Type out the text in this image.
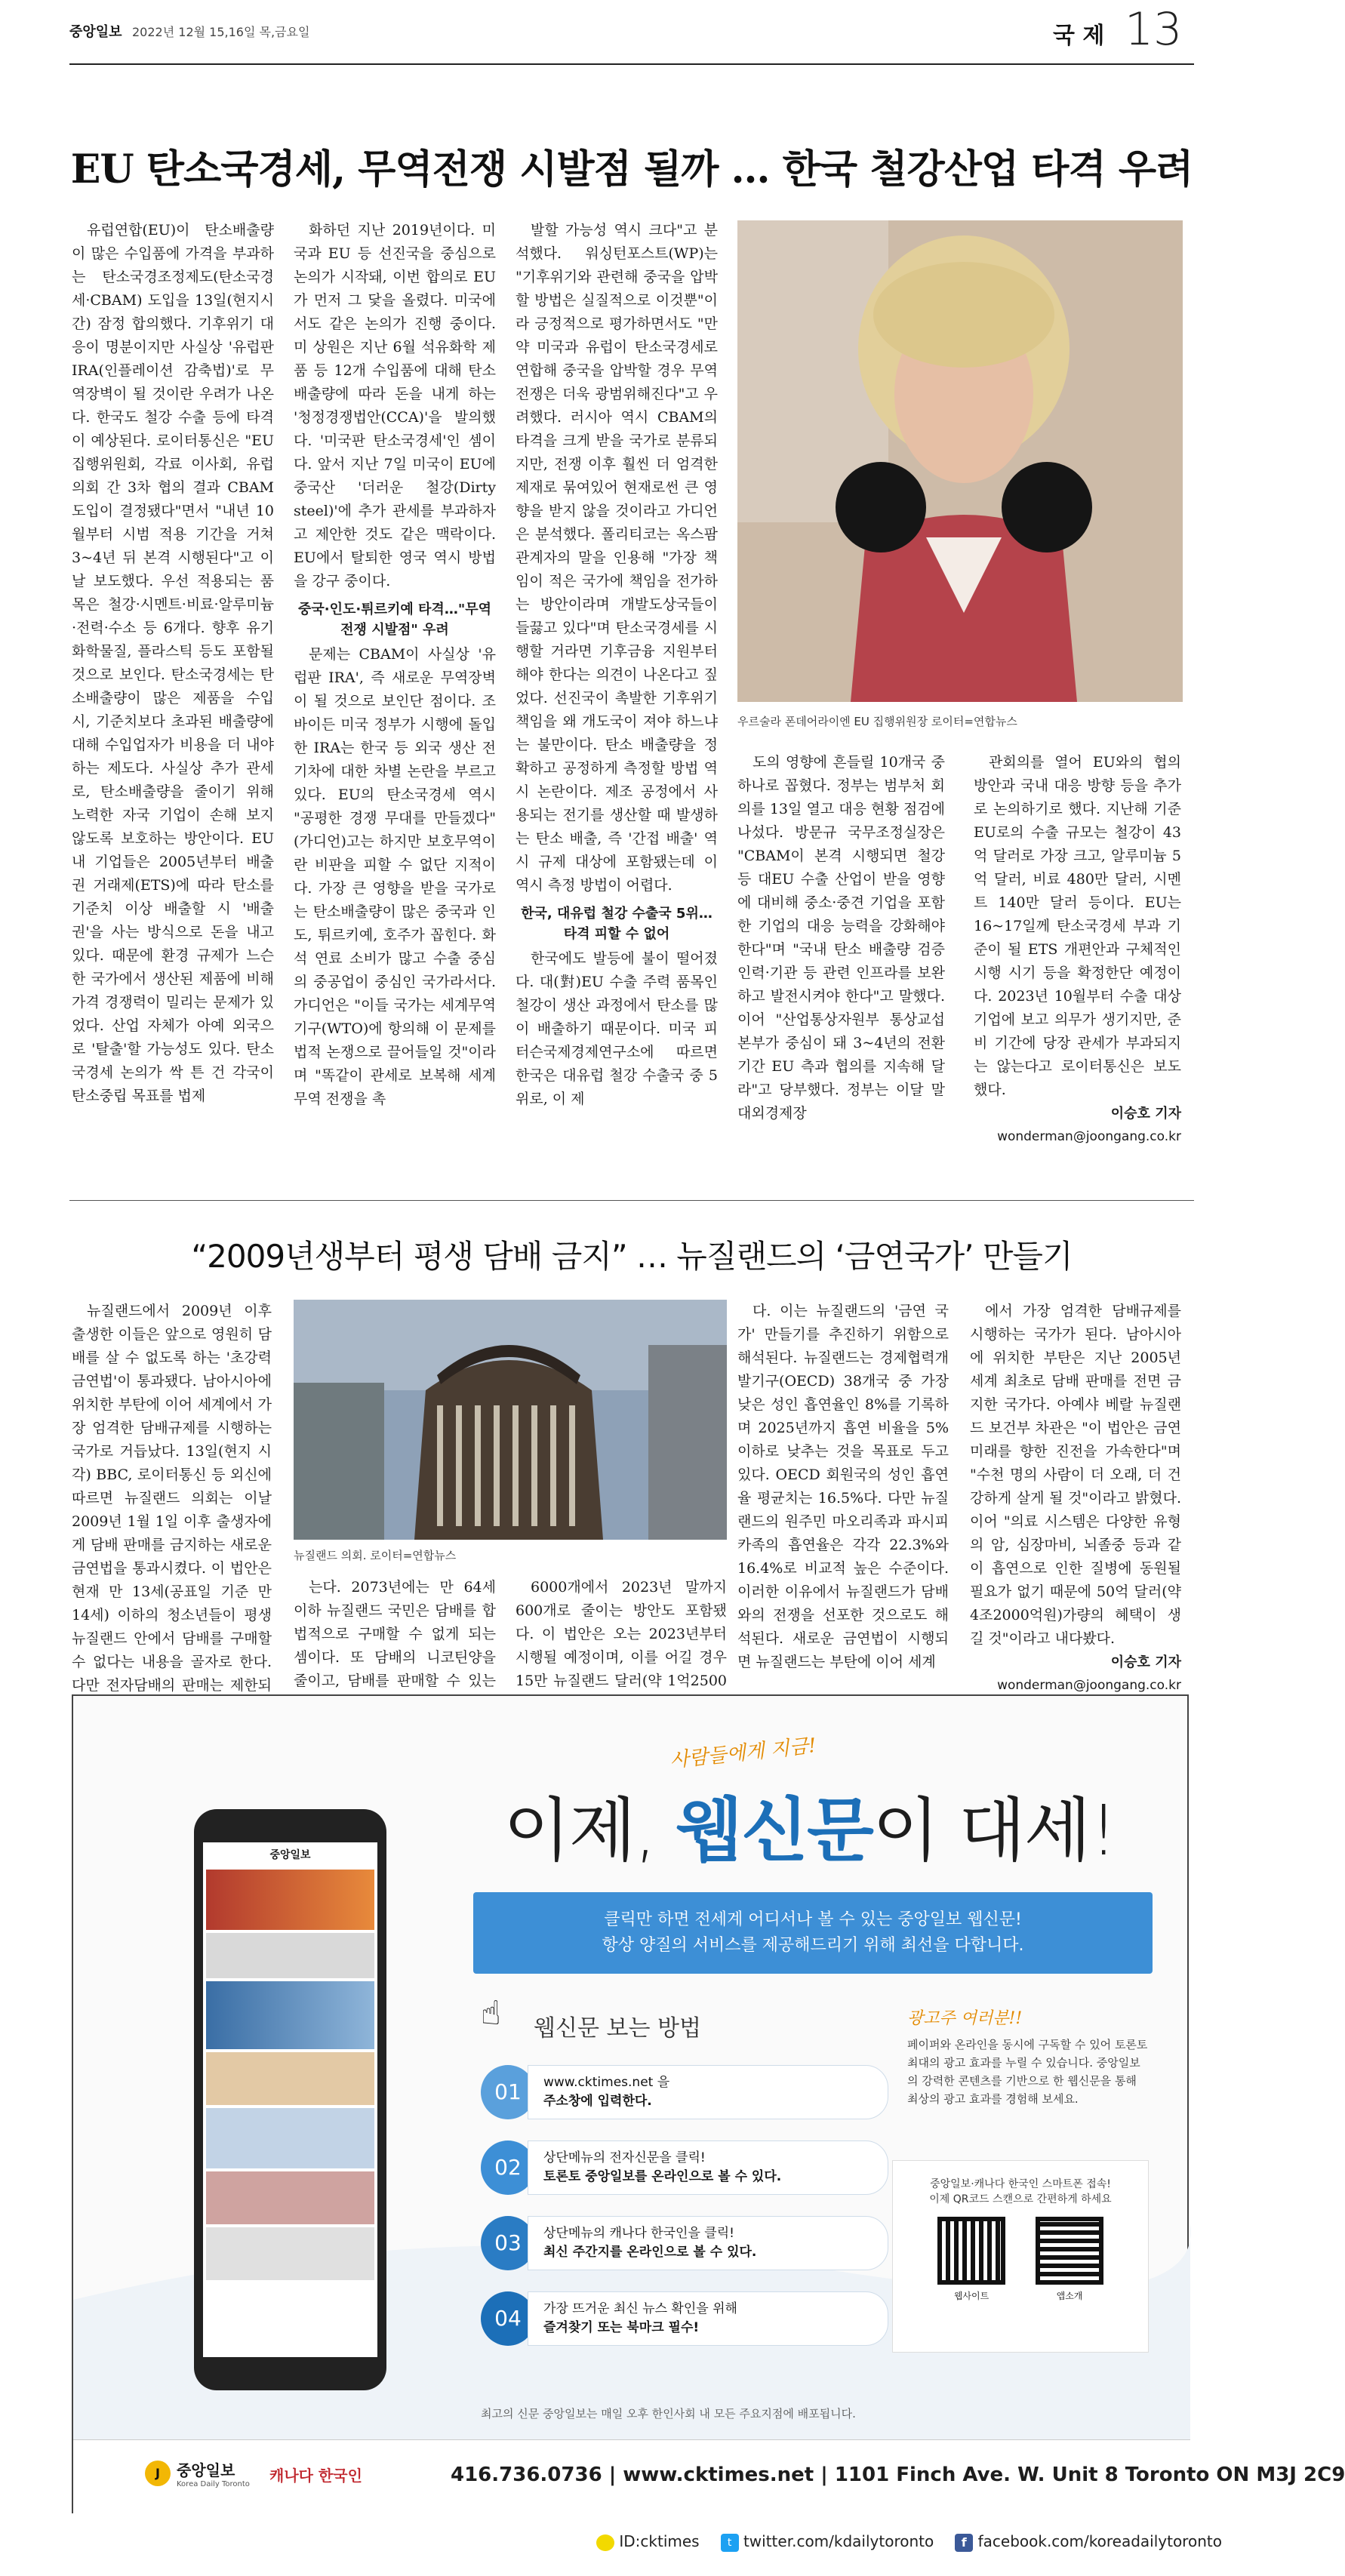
중앙일보 2022년 12월 15,16일 목,금요일	국 제 13
EU 탄소국경세, 무역전쟁 시발점 될까 … 한국 철강산업 타격 우려

유럽연합(EU)이 탄소배출량이 많은 수입품에 가격을 부과하는 탄소국경조정제도(탄소국경세·CBAM) 도입을 13일(현지시간) 잠정 합의했다. 기후위기 대응이 명분이지만 사실상 '유럽판 IRA(인플레이션 감축법)'로 무역장벽이 될 것이란 우려가 나온다. 한국도 철강 수출 등에 타격이 예상된다. 로이터통신은 "EU 집행위원회, 각료 이사회, 유럽의회 간 3차 협의 결과 CBAM 도입이 결정됐다"면서 "내년 10월부터 시범 적용 기간을 거쳐 3~4년 뒤 본격 시행된다"고 이날 보도했다. 우선 적용되는 품목은 철강·시멘트·비료·알루미늄·전력·수소 등 6개다. 향후 유기화학물질, 플라스틱 등도 포함될 것으로 보인다. 탄소국경세는 탄소배출량이 많은 제품을 수입 시, 기준치보다 초과된 배출량에 대해 수입업자가 비용을 더 내야 하는 제도다. 사실상 추가 관세로, 탄소배출량을 줄이기 위해 노력한 자국 기업이 손해 보지 않도록 보호하는 방안이다. EU 내 기업들은 2005년부터 배출권 거래제(ETS)에 따라 탄소를 기준치 이상 배출할 시 '배출권'을 사는 방식으로 돈을 내고 있다. 때문에 환경 규제가 느슨한 국가에서 생산된 제품에 비해 가격 경쟁력이 밀리는 문제가 있었다. 산업 자체가 아예 외국으로 '탈출'할 가능성도 있다. 탄소국경세 논의가 싹 튼 건 각국이 탄소중립 목표를 법제

화하던 지난 2019년이다. 미국과 EU 등 선진국을 중심으로 논의가 시작돼, 이번 합의로 EU가 먼저 그 닻을 올렸다. 미국에서도 같은 논의가 진행 중이다. 미 상원은 지난 6월 석유화학 제품 등 12개 수입품에 대해 탄소배출량에 따라 돈을 내게 하는 '청정경쟁법안(CCA)'을 발의했다. '미국판 탄소국경세'인 셈이다. 앞서 지난 7일 미국이 EU에 중국산 '더러운 철강(Dirty steel)'에 추가 관세를 부과하자고 제안한 것도 같은 맥락이다. EU에서 탈퇴한 영국 역시 방법을 강구 중이다.

중국·인도·튀르키예 타격…"무역전쟁 시발점" 우려

문제는 CBAM이 사실상 '유럽판 IRA', 즉 새로운 무역장벽이 될 것으로 보인단 점이다. 조 바이든 미국 정부가 시행에 돌입한 IRA는 한국 등 외국 생산 전기차에 대한 차별 논란을 부르고 있다. EU의 탄소국경세 역시 "공평한 경쟁 무대를 만들겠다"(가디언)고는 하지만 보호무역이란 비판을 피할 수 없단 지적이다. 가장 큰 영향을 받을 국가로는 탄소배출량이 많은 중국과 인도, 튀르키예, 호주가 꼽힌다. 화석 연료 소비가 많고 수출 중심의 중공업이 중심인 국가라서다. 가디언은 "이들 국가는 세계무역기구(WTO)에 항의해 이 문제를 법적 논쟁으로 끌어들일 것"이라며 "똑같이 관세로 보복해 세계 무역 전쟁을 촉

발할 가능성 역시 크다"고 분석했다. 워싱턴포스트(WP)는 "기후위기와 관련해 중국을 압박할 방법은 실질적으로 이것뿐"이라 긍정적으로 평가하면서도 "만약 미국과 유럽이 탄소국경세로 연합해 중국을 압박할 경우 무역전쟁은 더욱 광범위해진다"고 우려했다. 러시아 역시 CBAM의 타격을 크게 받을 국가로 분류되지만, 전쟁 이후 훨씬 더 엄격한 제재로 묶여있어 현재로썬 큰 영향을 받지 않을 것이라고 가디언은 분석했다. 폴리티코는 옥스팜 관계자의 말을 인용해 "가장 책임이 적은 국가에 책임을 전가하는 방안이라며 개발도상국들이 들끓고 있다"며 탄소국경세를 시행할 거라면 기후금융 지원부터 해야 한다는 의견이 나온다고 짚었다. 선진국이 촉발한 기후위기 책임을 왜 개도국이 져야 하느냐는 불만이다. 탄소 배출량을 정확하고 공정하게 측정할 방법 역시 논란이다. 제조 공정에서 사용되는 전기를 생산할 때 발생하는 탄소 배출, 즉 '간접 배출' 역시 규제 대상에 포함됐는데 이 역시 측정 방법이 어렵다.

한국, 대유럽 철강 수출국 5위…타격 피할 수 없어

한국에도 발등에 불이 떨어졌다. 대(對)EU 수출 주력 품목인 철강이 생산 과정에서 탄소를 많이 배출하기 때문이다. 미국 피터슨국제경제연구소에 따르면 한국은 대유럽 철강 수출국 중 5위로, 이 제

우르술라 폰데어라이엔 EU 집행위원장 로이터=연합뉴스

도의 영향에 흔들릴 10개국 중 하나로 꼽혔다. 정부는 범부처 회의를 13일 열고 대응 현황 점검에 나섰다. 방문규 국무조정실장은 "CBAM이 본격 시행되면 철강 등 대EU 수출 산업이 받을 영향에 대비해 중소·중견 기업을 포함한 기업의 대응 능력을 강화해야 한다"며 "국내 탄소 배출량 검증인력·기관 등 관련 인프라를 보완하고 발전시켜야 한다"고 말했다. 이어 "산업통상자원부 통상교섭본부가 중심이 돼 3~4년의 전환 기간 EU 측과 협의를 지속해 달라"고 당부했다. 정부는 이달 말 대외경제장

관회의를 열어 EU와의 협의 방안과 국내 대응 방향 등을 추가로 논의하기로 했다. 지난해 기준 EU로의 수출 규모는 철강이 43억 달러로 가장 크고, 알루미늄 5억 달러, 비료 480만 달러, 시멘트 140만 달러 등이다. EU는 16~17일께 탄소국경세 부과 기준이 될 ETS 개편안과 구체적인 시행 시기 등을 확정한단 예정이다. 2023년 10월부터 수출 대상 기업에 보고 의무가 생기지만, 준비 기간에 당장 관세가 부과되지는 않는다고 로이터통신은 보도했다.

이승호 기자

wonderman@joongang.co.kr

“2009년생부터 평생 담배 금지” … 뉴질랜드의 ‘금연국가’ 만들기

뉴질랜드에서 2009년 이후 출생한 이들은 앞으로 영원히 담배를 살 수 없도록 하는 '초강력 금연법'이 통과됐다. 남아시아에 위치한 부탄에 이어 세계에서 가장 엄격한 담배규제를 시행하는 국가로 거듭났다. 13일(현지 시각) BBC, 로이터통신 등 외신에 따르면 뉴질랜드 의회는 이날 2009년 1월 1일 이후 출생자에게 담배 판매를 금지하는 새로운 금연법을 통과시켰다. 이 법안은 현재 만 13세(공표일 기준 만 14세) 이하의 청소년들이 평생 뉴질랜드 안에서 담배를 구매할 수 없다는 내용을 골자로 한다. 다만 전자담배의 판매는 제한되

뉴질랜드 의회. 로이터=연합뉴스

는다. 2073년에는 만 64세 이하 뉴질랜드 국민은 담배를 합법적으로 구매할 수 없게 되는 셈이다. 또 담배의 니코틴양을 줄이고, 담배를 판매할 수 있는

6000개에서 2023년 말까지 600개로 줄이는 방안도 포함됐다. 이 법안은 오는 2023년부터 시행될 예정이며, 이를 어길 경우 15만 뉴질랜드 달러(약 1억2500

다. 이는 뉴질랜드의 '금연 국가' 만들기를 추진하기 위함으로 해석된다. 뉴질랜드는 경제협력개발기구(OECD) 38개국 중 가장 낮은 성인 흡연율인 8%를 기록하며 2025년까지 흡연 비율을 5% 이하로 낮추는 것을 목표로 두고 있다. OECD 회원국의 성인 흡연율 평균치는 16.5%다. 다만 뉴질랜드의 원주민 마오리족과 파시피카족의 흡연율은 각각 22.3%와 16.4%로 비교적 높은 수준이다. 이러한 이유에서 뉴질랜드가 담배와의 전쟁을 선포한 것으로도 해석된다. 새로운 금연법이 시행되면 뉴질랜드는 부탄에 이어 세계

에서 가장 엄격한 담배규제를 시행하는 국가가 된다. 남아시아에 위치한 부탄은 지난 2005년 세계 최초로 담배 판매를 전면 금지한 국가다. 아예샤 베랄 뉴질랜드 보건부 차관은 "이 법안은 금연 미래를 향한 진전을 가속한다"며 "수천 명의 사람이 더 오래, 더 건강하게 살게 될 것"이라고 밝혔다. 이어 "의료 시스템은 다양한 유형의 암, 심장마비, 뇌졸중 등과 같이 흡연으로 인한 질병에 동원될 필요가 없기 때문에 50억 달러(약 4조2000억원)가량의 혜택이 생길 것"이라고 내다봤다.

이승호 기자

wonderman@joongang.co.kr

중앙일보
사람들에게 지금!
이제, 웹신문이 대세!
클릭만 하면 전세계 어디서나 볼 수 있는 중앙일보 웹신문!
항상 양질의 서비스를 제공해드리기 위해 최선을 다합니다.
☝ 웹신문 보는 방법
01	www.cktimes.net 을
주소창에 입력한다.
02	상단메뉴의 전자신문을 클릭!
토론토 중앙일보를 온라인으로 볼 수 있다.
03	상단메뉴의 캐나다 한국인을 클릭!
최신 주간지를 온라인으로 볼 수 있다.
04	가장 뜨거운 최신 뉴스 확인을 위해
즐겨찾기 또는 북마크 필수!
광고주 여러분!!
페이퍼와 온라인을 동시에 구독할 수 있어 토론토 최대의 광고 효과를 누릴 수 있습니다. 중앙일보의 강력한 콘텐츠를 기반으로 한 웹신문을 통해 최상의 광고 효과를 경험해 보세요.
중앙일보·캐나다 한국인 스마트폰 접속!
이제 QR코드 스캔으로 간편하게 하세요
웹사이트	앱소개
최고의 신문 중앙일보는 매일 오후 한인사회 내 모든 주요지점에 배포됩니다.
J	중앙일보
Korea Daily Toronto 캐나다 한국인	416.736.0736 | www.cktimes.net | 1101 Finch Ave. W. Unit 8 Toronto ON M3J 2C9
ID:cktimes	t twitter.com/kdailytoronto	f facebook.com/koreadailytoronto
